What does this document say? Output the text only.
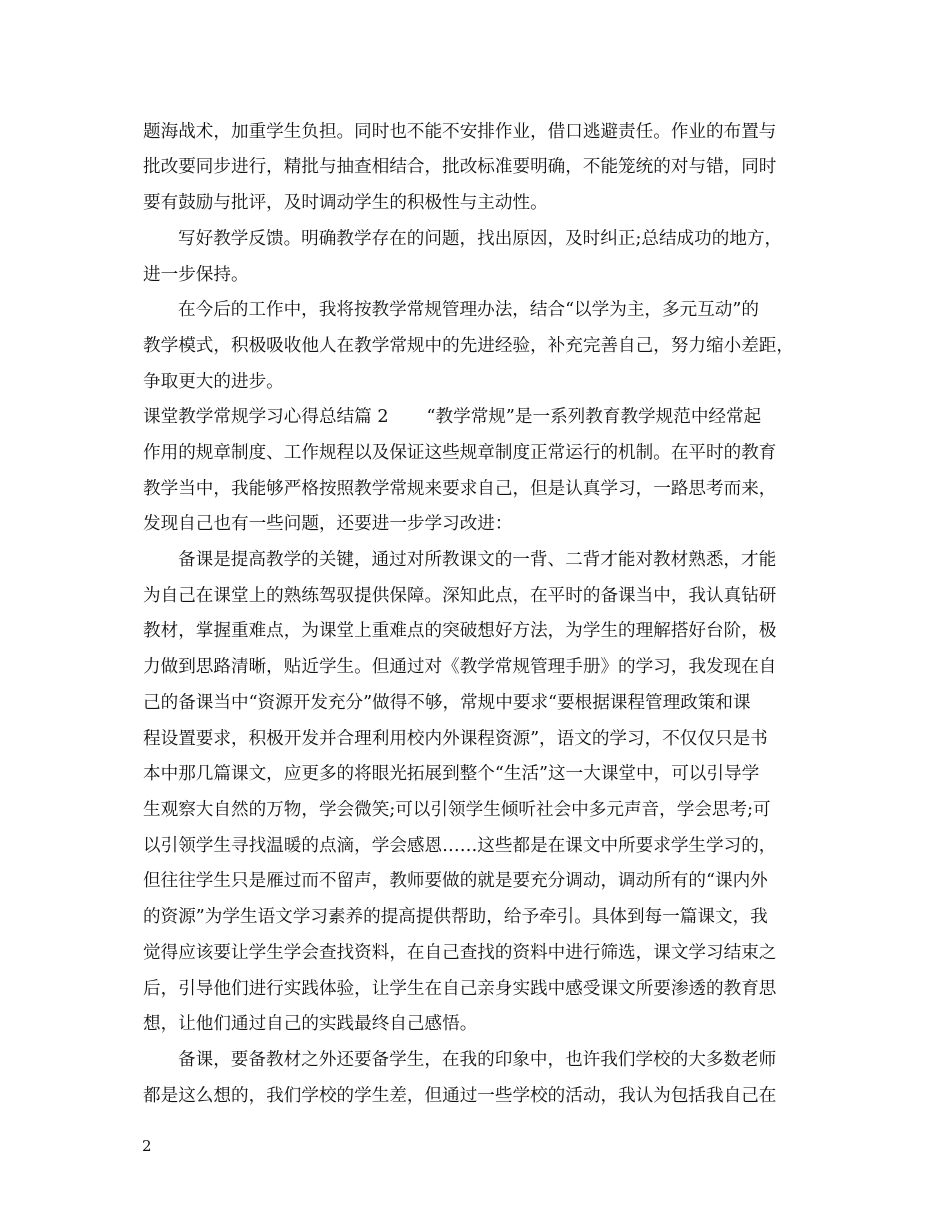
题海战术，加重学生负担。同时也不能不安排作业，借口逃避责任。作业的布置与
批改要同步进行，精批与抽查相结合，批改标准要明确，不能笼统的对与错，同时
要有鼓励与批评，及时调动学生的积极性与主动性。
写好教学反馈。明确教学存在的问题，找出原因，及时纠正;总结成功的地方，
进一步保持。
在今后的工作中，我将按教学常规管理办法，结合“以学为主，多元互动”的
教学模式，积极吸收他人在教学常规中的先进经验，补充完善自己，努力缩小差距，
争取更大的进步。
课堂教学常规学习心得总结篇 2 “教学常规”是一系列教育教学规范中经常起
作用的规章制度、工作规程以及保证这些规章制度正常运行的机制。在平时的教育
教学当中，我能够严格按照教学常规来要求自己，但是认真学习，一路思考而来，
发现自己也有一些问题，还要进一步学习改进：
备课是提高教学的关键，通过对所教课文的一背、二背才能对教材熟悉，才能
为自己在课堂上的熟练驾驭提供保障。深知此点，在平时的备课当中，我认真钻研
教材，掌握重难点，为课堂上重难点的突破想好方法，为学生的理解搭好台阶，极
力做到思路清晰，贴近学生。但通过对《教学常规管理手册》的学习，我发现在自
己的备课当中“资源开发充分”做得不够，常规中要求“要根据课程管理政策和课
程设置要求，积极开发并合理利用校内外课程资源”，语文的学习，不仅仅只是书
本中那几篇课文，应更多的将眼光拓展到整个“生活”这一大课堂中，可以引导学
生观察大自然的万物，学会微笑;可以引领学生倾听社会中多元声音，学会思考;可
以引领学生寻找温暖的点滴，学会感恩……这些都是在课文中所要求学生学习的，
但往往学生只是雁过而不留声，教师要做的就是要充分调动，调动所有的“课内外
的资源”为学生语文学习素养的提高提供帮助，给予牵引。具体到每一篇课文，我
觉得应该要让学生学会查找资料，在自己查找的资料中进行筛选，课文学习结束之
后，引导他们进行实践体验，让学生在自己亲身实践中感受课文所要渗透的教育思
想，让他们通过自己的实践最终自己感悟。
备课，要备教材之外还要备学生，在我的印象中，也许我们学校的大多数老师
都是这么想的，我们学校的学生差，但通过一些学校的活动，我认为包括我自己在
2
